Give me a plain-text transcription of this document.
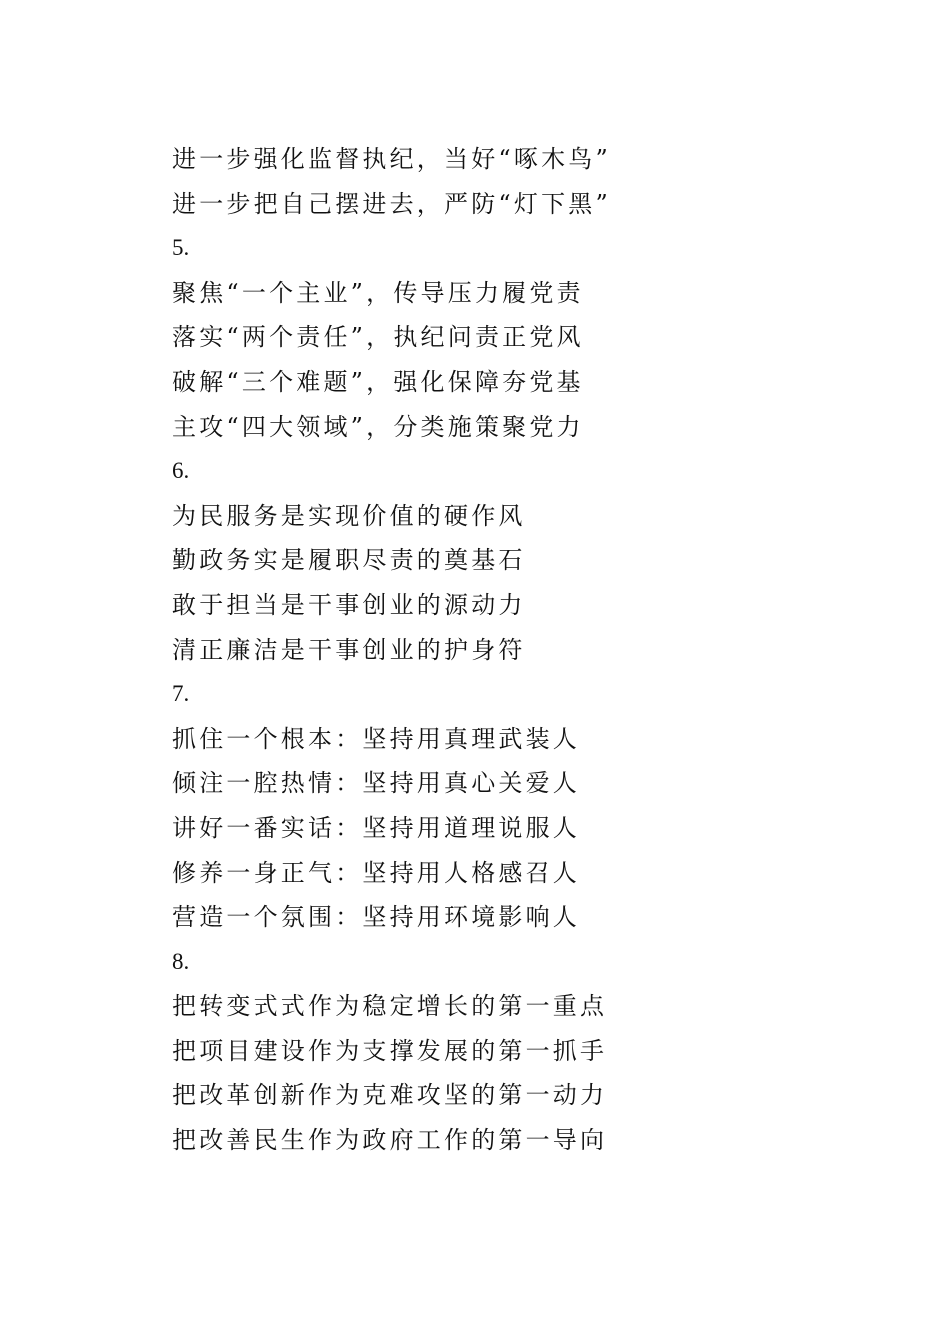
进一步强化监督执纪，当好“啄木鸟”
进一步把自己摆进去，严防“灯下黑”
5.
聚焦“一个主业”，传导压力履党责
落实“两个责任”，执纪问责正党风
破解“三个难题”，强化保障夯党基
主攻“四大领域”，分类施策聚党力
6.
为民服务是实现价值的硬作风
勤政务实是履职尽责的奠基石
敢于担当是干事创业的源动力
清正廉洁是干事创业的护身符
7.
抓住一个根本：坚持用真理武装人
倾注一腔热情：坚持用真心关爱人
讲好一番实话：坚持用道理说服人
修养一身正气：坚持用人格感召人
营造一个氛围：坚持用环境影响人
8.
把转变式式作为稳定增长的第一重点
把项目建设作为支撑发展的第一抓手
把改革创新作为克难攻坚的第一动力
把改善民生作为政府工作的第一导向
